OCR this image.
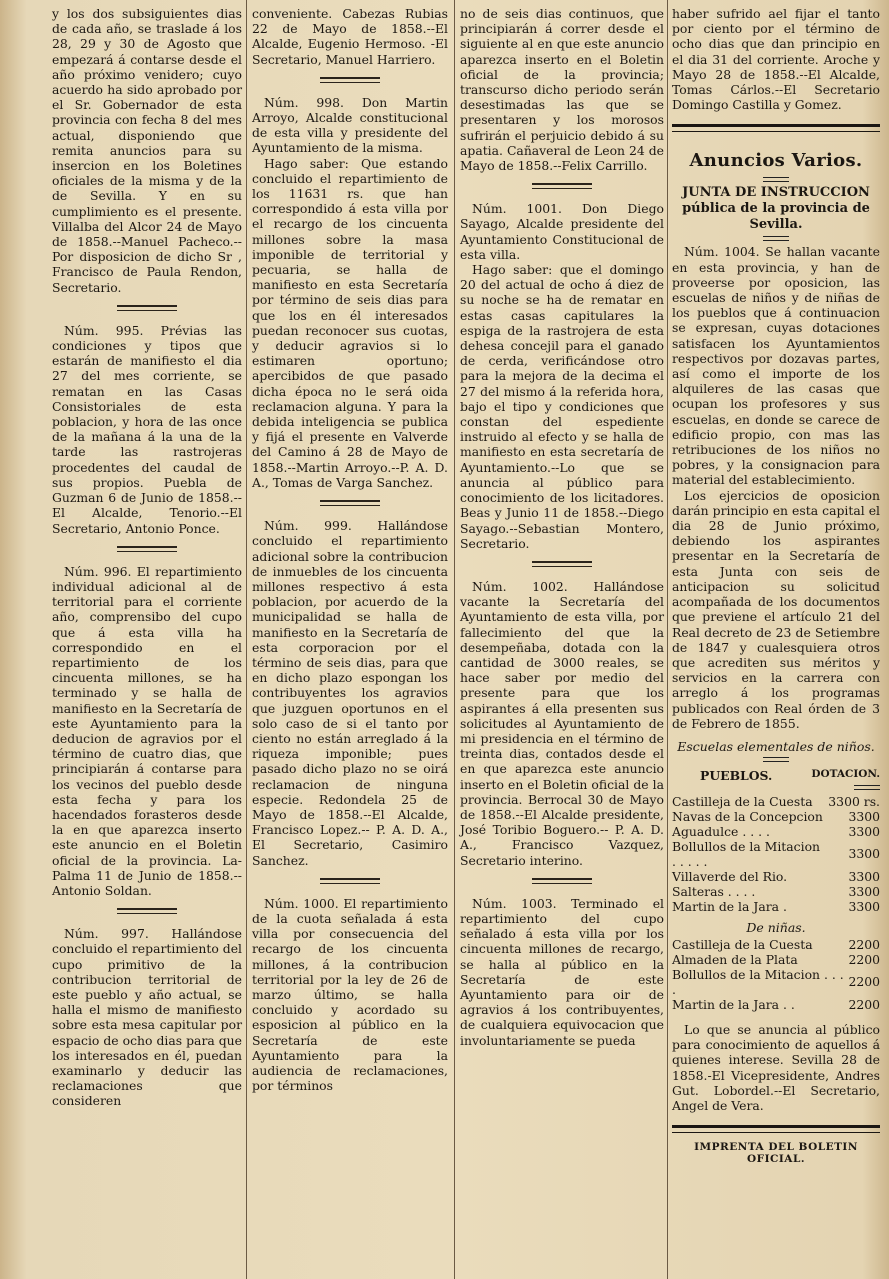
y los dos subsiguientes dias de cada año, se traslade á los 28, 29 y 30 de Agosto que empezará á contarse desde el año próximo venidero; cuyo acuerdo ha sido aprobado por el Sr. Gobernador de esta provincia con fecha 8 del mes actual, disponiendo que remita anuncios para su insercion en los Boletines oficiales de la misma y de la de Sevilla. Y en su cumplimiento es el presente. Villalba del Alcor 24 de Mayo de 1858.--Manuel Pacheco.--Por disposicion de dicho Sr , Francisco de Paula Rendon, Secretario.

Núm. 995. Prévias las condiciones y tipos que estarán de manifiesto el dia 27 del mes corriente, se rematan en las Casas Consistoriales de esta poblacion, y hora de las once de la mañana á la una de la tarde las rastrojeras procedentes del caudal de sus propios. Puebla de Guzman 6 de Junio de 1858.--El Alcalde, Tenorio.--El Secretario, Antonio Ponce.

Núm. 996. El repartimiento individual adicional al de territorial para el corriente año, comprensibo del cupo que á esta villa ha correspondido en el repartimiento de los cincuenta millones, se ha terminado y se halla de manifiesto en la Secretaría de este Ayuntamiento para la deducion de agravios por el término de cuatro dias, que principiarán á contarse para los vecinos del pueblo desde esta fecha y para los hacendados forasteros desde la en que aparezca inserto este anuncio en el Boletin oficial de la provincia. La-Palma 11 de Junio de 1858.--Antonio Soldan.

Núm. 997. Hallándose concluido el repartimiento del cupo primitivo de la contribucion territorial de este pueblo y año actual, se halla el mismo de manifiesto sobre esta mesa capitular por espacio de ocho dias para que los interesados en él, puedan examinarlo y deducir las reclamaciones que consideren

conveniente. Cabezas Rubias 22 de Mayo de 1858.--El Alcalde, Eugenio Hermoso. -El Secretario, Manuel Harriero.

Núm. 998. Don Martin Arroyo, Alcalde constitucional de esta villa y presidente del Ayuntamiento de la misma.

Hago saber: Que estando concluido el repartimiento de los 11631 rs. que han correspondido á esta villa por el recargo de los cincuenta millones sobre la masa imponible de territorial y pecuaria, se halla de manifiesto en esta Secretaría por término de seis dias para que los en él interesados puedan reconocer sus cuotas, y deducir agravios si lo estimaren oportuno; apercibidos de que pasado dicha época no le será oida reclamacion alguna. Y para la debida inteligencia se publica y fijá el presente en Valverde del Camino á 28 de Mayo de 1858.--Martin Arroyo.--P. A. D. A., Tomas de Varga Sanchez.

Núm. 999. Hallándose concluido el repartimiento adicional sobre la contribucion de inmuebles de los cincuenta millones respectivo á esta poblacion, por acuerdo de la municipalidad se halla de manifiesto en la Secretaría de esta corporacion por el término de seis dias, para que en dicho plazo espongan los contribuyentes los agravios que juzguen oportunos en el solo caso de si el tanto por ciento no están arreglado á la riqueza imponible; pues pasado dicho plazo no se oirá reclamacion de ninguna especie. Redondela 25 de Mayo de 1858.--El Alcalde, Francisco Lopez.-- P. A. D. A., El Secretario, Casimiro Sanchez.

Núm. 1000. El repartimiento de la cuota señalada á esta villa por consecuencia del recargo de los cincuenta millones, á la contribucion territorial por la ley de 26 de marzo último, se halla concluido y acordado su esposicion al público en la Secretaría de este Ayuntamiento para la audiencia de reclamaciones, por términos

no de seis dias continuos, que principiarán á correr desde el siguiente al en que este anuncio aparezca inserto en el Boletin oficial de la provincia; transcurso dicho periodo serán desestimadas las que se presentaren y los morosos sufrirán el perjuicio debido á su apatia. Cañaveral de Leon 24 de Mayo de 1858.--Felix Carrillo.

Núm. 1001. Don Diego Sayago, Alcalde presidente del Ayuntamiento Constitucional de esta villa.

Hago saber: que el domingo 20 del actual de ocho á diez de su noche se ha de rematar en estas casas capitulares la espiga de la rastrojera de esta dehesa concejil para el ganado de cerda, verificándose otro para la mejora de la decima el 27 del mismo á la referida hora, bajo el tipo y condiciones que constan del espediente instruido al efecto y se halla de manifiesto en esta secretaría de Ayuntamiento.--Lo que se anuncia al público para conocimiento de los licitadores. Beas y Junio 11 de 1858.--Diego Sayago.--Sebastian Montero, Secretario.

Núm. 1002. Hallándose vacante la Secretaría del Ayuntamiento de esta villa, por fallecimiento del que la desempeñaba, dotada con la cantidad de 3000 reales, se hace saber por medio del presente para que los aspirantes á ella presenten sus solicitudes al Ayuntamiento de mi presidencia en el término de treinta dias, contados desde el en que aparezca este anuncio inserto en el Boletin oficial de la provincia. Berrocal 30 de Mayo de 1858.--El Alcalde presidente, José Toribio Boguero.-- P. A. D. A., Francisco Vazquez, Secretario interino.

Núm. 1003. Terminado el repartimiento del cupo señalado á esta villa por los cincuenta millones de recargo, se halla al público en la Secretaría de este Ayuntamiento para oir de agravios á los contribuyentes, de cualquiera equivocacion que involuntariamente se pueda

haber sufrido ael fijar el tanto por ciento por el término de ocho dias que dan principio en el dia 31 del corriente. Aroche y Mayo 28 de 1858.--El Alcalde, Tomas Cárlos.--El Secretario Domingo Castilla y Gomez.

Anuncios Varios.
JUNTA DE INSTRUCCION pública de la provincia de Sevilla.

Núm. 1004. Se hallan vacante en esta provincia, y han de proveerse por oposicion, las escuelas de niños y de niñas de los pueblos que á continuacion se expresan, cuyas dotaciones satisfacen los Ayuntamientos respectivos por dozavas partes, así como el importe de los alquileres de las casas que ocupan los profesores y sus escuelas, en donde se carece de edificio propio, con mas las retribuciones de los niños no pobres, y la consignacion para material del establecimiento.

Los ejercicios de oposicion darán principio en esta capital el dia 28 de Junio próximo, debiendo los aspirantes presentar en la Secretaría de esta Junta con seis de anticipacion su solicitud acompañada de los documentos que previene el artículo 21 del Real decreto de 23 de Setiembre de 1847 y cualesquiera otros que acrediten sus méritos y servicios en la carrera con arreglo á los programas publicados con Real órden de 3 de Febrero de 1855.

Escuelas elementales de niños.
PUEBLOS.	DOTACION.
Castilleja de la Cuesta	3300 rs.
Navas de la Concepcion	3300
Aguadulce . . . .	3300
Bollullos de la Mitacion . . . . .	3300
Villaverde del Rio.	3300
Salteras . . . .	3300
Martin de la Jara .	3300
De niñas.
Castilleja de la Cuesta	2200
Almaden de la Plata	2200
Bollullos de la Mitacion . . . .	2200
Martin de la Jara . .	2200

Lo que se anuncia al público para conocimiento de aquellos á quienes interese. Sevilla 28 de 1858.-El Vicepresidente, Andres Gut. Lobordel.--El Secretario, Angel de Vera.

IMPRENTA DEL BOLETIN OFICIAL.
